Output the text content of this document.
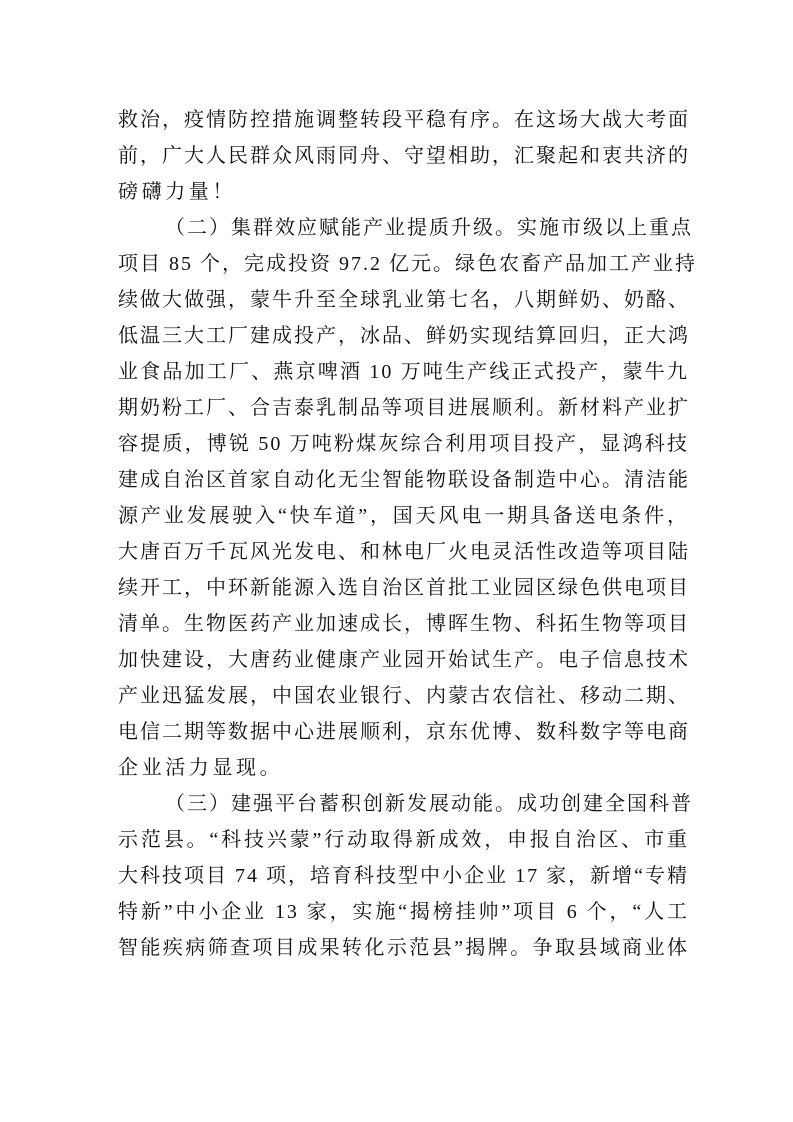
救治，疫情防控措施调整转段平稳有序。在这场大战大考面
前，广大人民群众风雨同舟、守望相助，汇聚起和衷共济的
磅礴力量！
（二）集群效应赋能产业提质升级。实施市级以上重点
项目 85 个，完成投资 97.2 亿元。绿色农畜产品加工产业持
续做大做强，蒙牛升至全球乳业第七名，八期鲜奶、奶酪、
低温三大工厂建成投产，冰品、鲜奶实现结算回归，正大鸿
业食品加工厂、燕京啤酒 10 万吨生产线正式投产，蒙牛九
期奶粉工厂、合吉泰乳制品等项目进展顺利。新材料产业扩
容提质，博锐 50 万吨粉煤灰综合利用项目投产，显鸿科技
建成自治区首家自动化无尘智能物联设备制造中心。清洁能
源产业发展驶入“快车道”，国天风电一期具备送电条件，
大唐百万千瓦风光发电、和林电厂火电灵活性改造等项目陆
续开工，中环新能源入选自治区首批工业园区绿色供电项目
清单。生物医药产业加速成长，博晖生物、科拓生物等项目
加快建设，大唐药业健康产业园开始试生产。电子信息技术
产业迅猛发展，中国农业银行、内蒙古农信社、移动二期、
电信二期等数据中心进展顺利，京东优博、数科数字等电商
企业活力显现。
（三）建强平台蓄积创新发展动能。成功创建全国科普
示范县。“科技兴蒙”行动取得新成效，申报自治区、市重
大科技项目 74 项，培育科技型中小企业 17 家，新增“专精
特新”中小企业 13 家，实施“揭榜挂帅”项目 6 个，“人工
智能疾病筛查项目成果转化示范县”揭牌。争取县域商业体
